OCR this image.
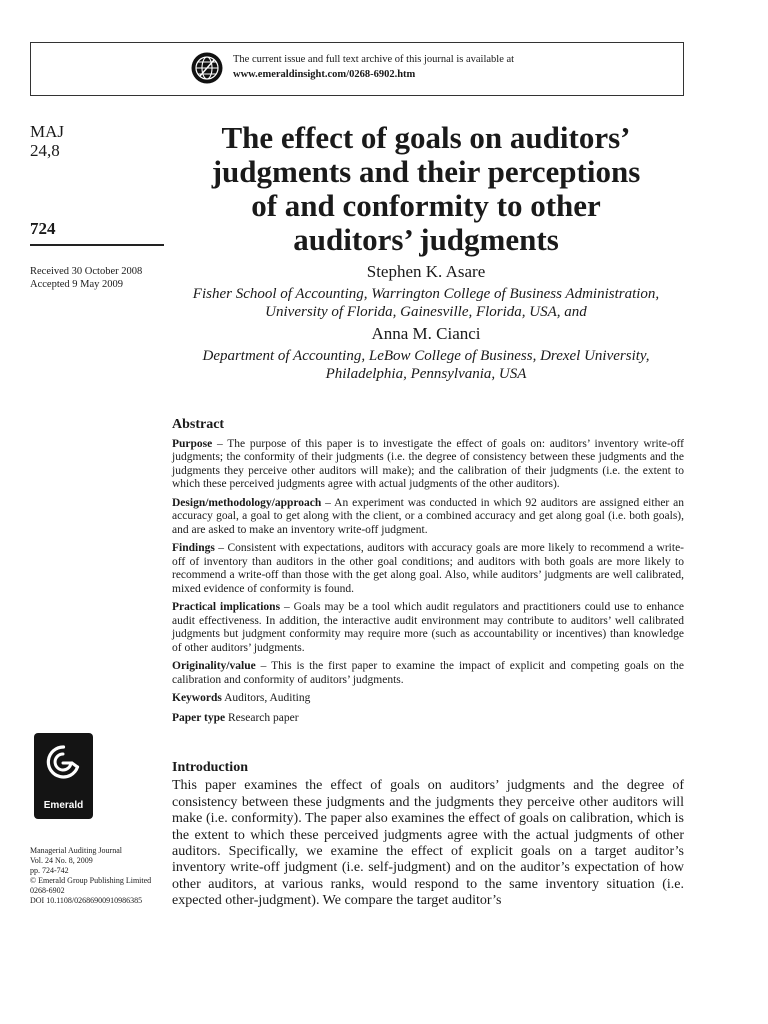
The current issue and full text archive of this journal is available at
www.emeraldinsight.com/0268-6902.htm
MAJ
24,8
724
Received 30 October 2008
Accepted 9 May 2009
The effect of goals on auditors’
judgments and their perceptions
of and conformity to other
auditors’ judgments
Stephen K. Asare
Fisher School of Accounting, Warrington College of Business Administration,
University of Florida, Gainesville, Florida, USA, and
Anna M. Cianci
Department of Accounting, LeBow College of Business, Drexel University,
Philadelphia, Pennsylvania, USA
Abstract

Purpose – The purpose of this paper is to investigate the effect of goals on: auditors’ inventory write-off judgments; the conformity of their judgments (i.e. the degree of consistency between these judgments and the judgments they perceive other auditors will make); and the calibration of their judgments (i.e. the extent to which these perceived judgments agree with actual judgments of the other auditors).

Design/methodology/approach – An experiment was conducted in which 92 auditors are assigned either an accuracy goal, a goal to get along with the client, or a combined accuracy and get along goal (i.e. both goals), and are asked to make an inventory write-off judgment.

Findings – Consistent with expectations, auditors with accuracy goals are more likely to recommend a write-off of inventory than auditors in the other goal conditions; and auditors with both goals are more likely to recommend a write-off than those with the get along goal. Also, while auditors’ judgments are well calibrated, mixed evidence of conformity is found.

Practical implications – Goals may be a tool which audit regulators and practitioners could use to enhance audit effectiveness. In addition, the interactive audit environment may contribute to auditors’ well calibrated judgments but judgment conformity may require more (such as accountability or incentives) than knowledge of other auditors’ judgments.

Originality/value – This is the first paper to examine the impact of explicit and competing goals on the calibration and conformity of auditors’ judgments.

Keywords Auditors, Auditing

Paper type Research paper

Introduction
This paper examines the effect of goals on auditors’ judgments and the degree of consistency between these judgments and the judgments they perceive other auditors will make (i.e. conformity). The paper also examines the effect of goals on calibration, which is the extent to which these perceived judgments agree with the actual judgments of other auditors. Specifically, we examine the effect of explicit goals on a target auditor’s inventory write-off judgment (i.e. self-judgment) and on the auditor’s expectation of how other auditors, at various ranks, would respond to the same inventory situation (i.e. expected other-judgment). We compare the target auditor’s
Emerald
Managerial Auditing Journal
Vol. 24 No. 8, 2009
pp. 724-742
© Emerald Group Publishing Limited
0268-6902
DOI 10.1108/02686900910986385
